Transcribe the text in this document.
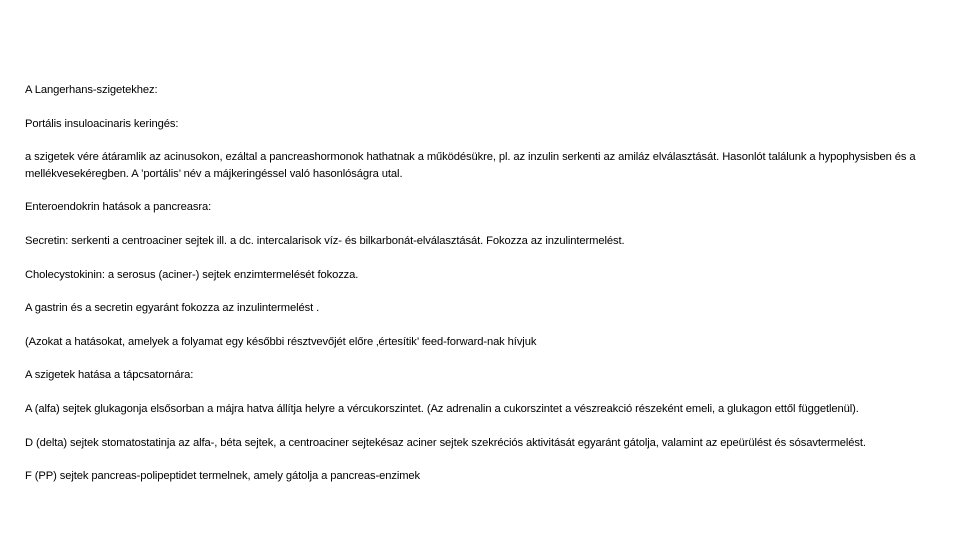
A Langerhans-szigetekhez:

Portális insuloacinaris keringés:

a szigetek vére átáramlik az acinusokon, ezáltal a pancreashormonok hathatnak a működésükre, pl. az inzulin serkenti az amiláz elválasztását. Hasonlót találunk a hypophysisben és a mellékvesekéregben. A ’portális’ név a májkeringéssel való hasonlóságra utal.

Enteroendokrin hatások a pancreasra:

Secretin: serkenti a centroaciner sejtek ill. a dc. intercalarisok víz- és bilkarbonát-elválasztását. Fokozza az inzulintermelést.

Cholecystokinin: a serosus (aciner-) sejtek enzimtermelését fokozza.

A gastrin és a secretin egyaránt fokozza az inzulintermelést .

(Azokat a hatásokat, amelyek a folyamat egy későbbi résztvevőjét előre ‚értesítik’ feed-forward-nak hívjuk

A szigetek hatása a tápcsatornára:

A (alfa) sejtek glukagonja elsősorban a májra hatva állítja helyre a vércukorszintet. (Az adrenalin a cukorszintet a vészreakció részeként emeli, a glukagon ettől függetlenül).

D (delta) sejtek stomatostatinja az alfa-, béta sejtek, a centroaciner sejtekésaz aciner sejtek szekréciós aktivitását egyaránt gátolja, valamint az epeürülést és sósavtermelést.

F (PP) sejtek pancreas-polipeptidet termelnek, amely gátolja a pancreas-enzimek
